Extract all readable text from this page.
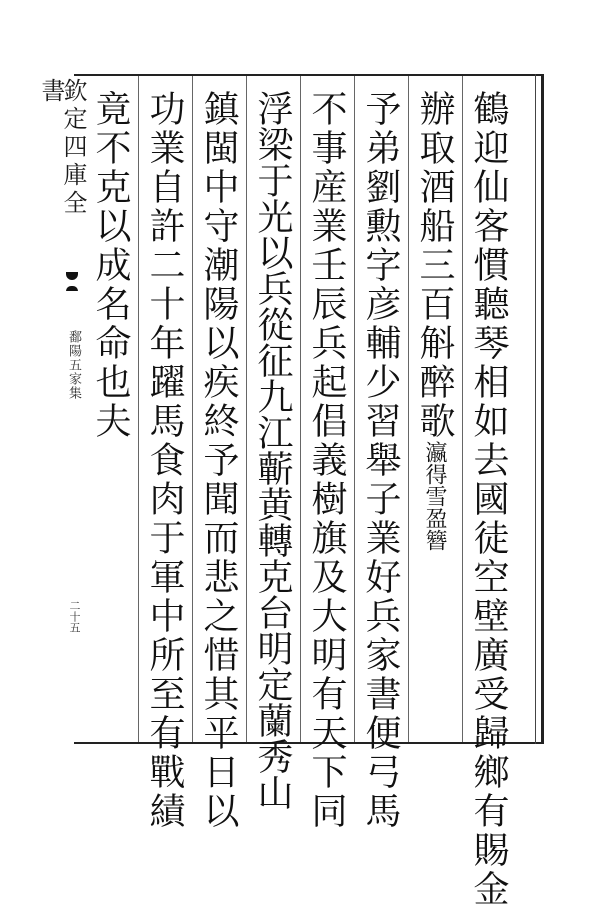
欽定四庫全書
鄱陽五家集
二十五	鶴迎仙客慣聽琴相如去國徒空壁廣受歸鄉有賜金
辦取酒船三百斛醉歌瀛得雪盈簪
予弟劉勲字彦輔少習舉子業好兵家書便弓馬
不事産業壬辰兵起倡義樹旗及大明有天下同
浮梁于光以兵從征九江蘄黄轉克台明定蘭秀山
鎮閩中守潮陽以疾終予聞而悲之惜其平日以
功業自許二十年躍馬食肉于軍中所至有戰績
竟不克以成名命也夫
